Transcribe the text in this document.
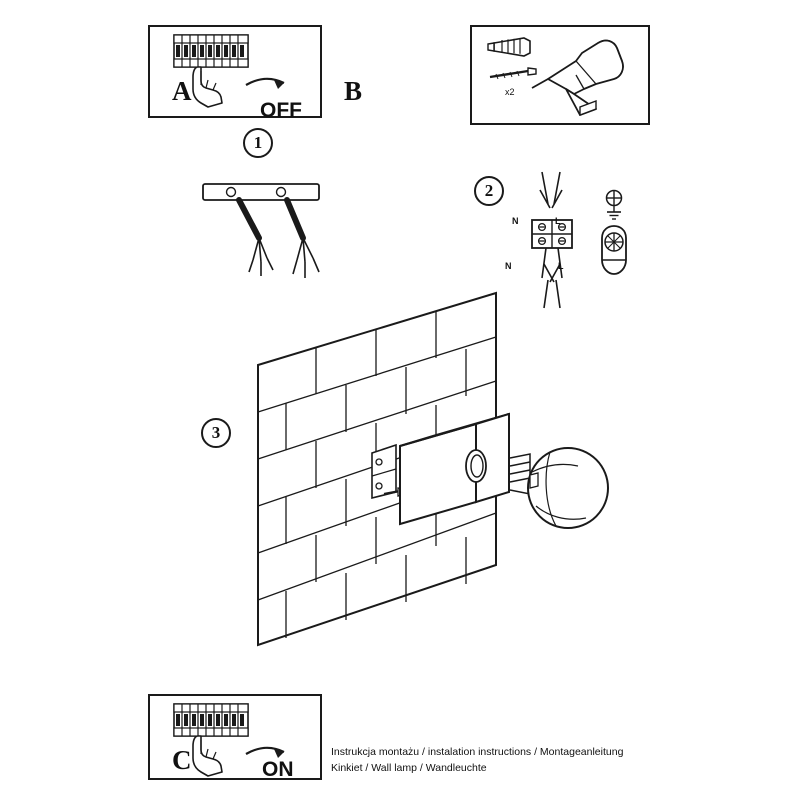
OFF
A	B	x2
1
2
N	L
N	L
3
ON
C	Instrukcja montażu / instalation instructions / Montageanleitung
Kinkiet / Wall lamp / Wandleuchte
